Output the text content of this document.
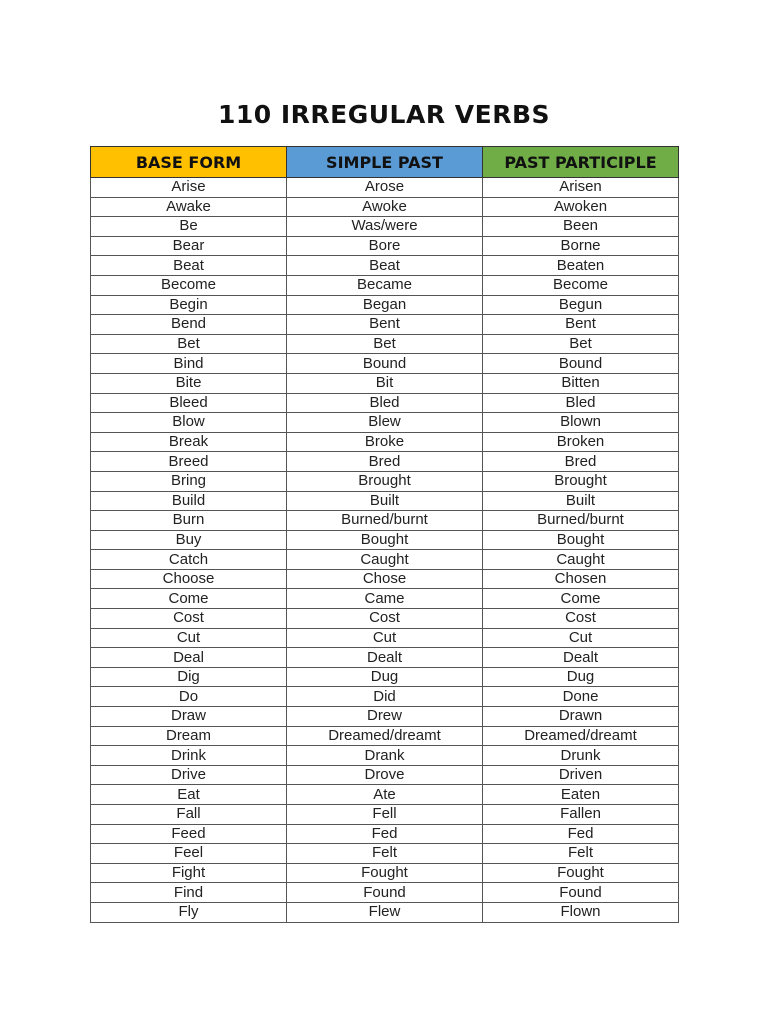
110 IRREGULAR VERBS
BASE FORM	SIMPLE PAST	PAST PARTICIPLE
Arise	Arose	Arisen
Awake	Awoke	Awoken
Be	Was/were	Been
Bear	Bore	Borne
Beat	Beat	Beaten
Become	Became	Become
Begin	Began	Begun
Bend	Bent	Bent
Bet	Bet	Bet
Bind	Bound	Bound
Bite	Bit	Bitten
Bleed	Bled	Bled
Blow	Blew	Blown
Break	Broke	Broken
Breed	Bred	Bred
Bring	Brought	Brought
Build	Built	Built
Burn	Burned/burnt	Burned/burnt
Buy	Bought	Bought
Catch	Caught	Caught
Choose	Chose	Chosen
Come	Came	Come
Cost	Cost	Cost
Cut	Cut	Cut
Deal	Dealt	Dealt
Dig	Dug	Dug
Do	Did	Done
Draw	Drew	Drawn
Dream	Dreamed/dreamt	Dreamed/dreamt
Drink	Drank	Drunk
Drive	Drove	Driven
Eat	Ate	Eaten
Fall	Fell	Fallen
Feed	Fed	Fed
Feel	Felt	Felt
Fight	Fought	Fought
Find	Found	Found
Fly	Flew	Flown
